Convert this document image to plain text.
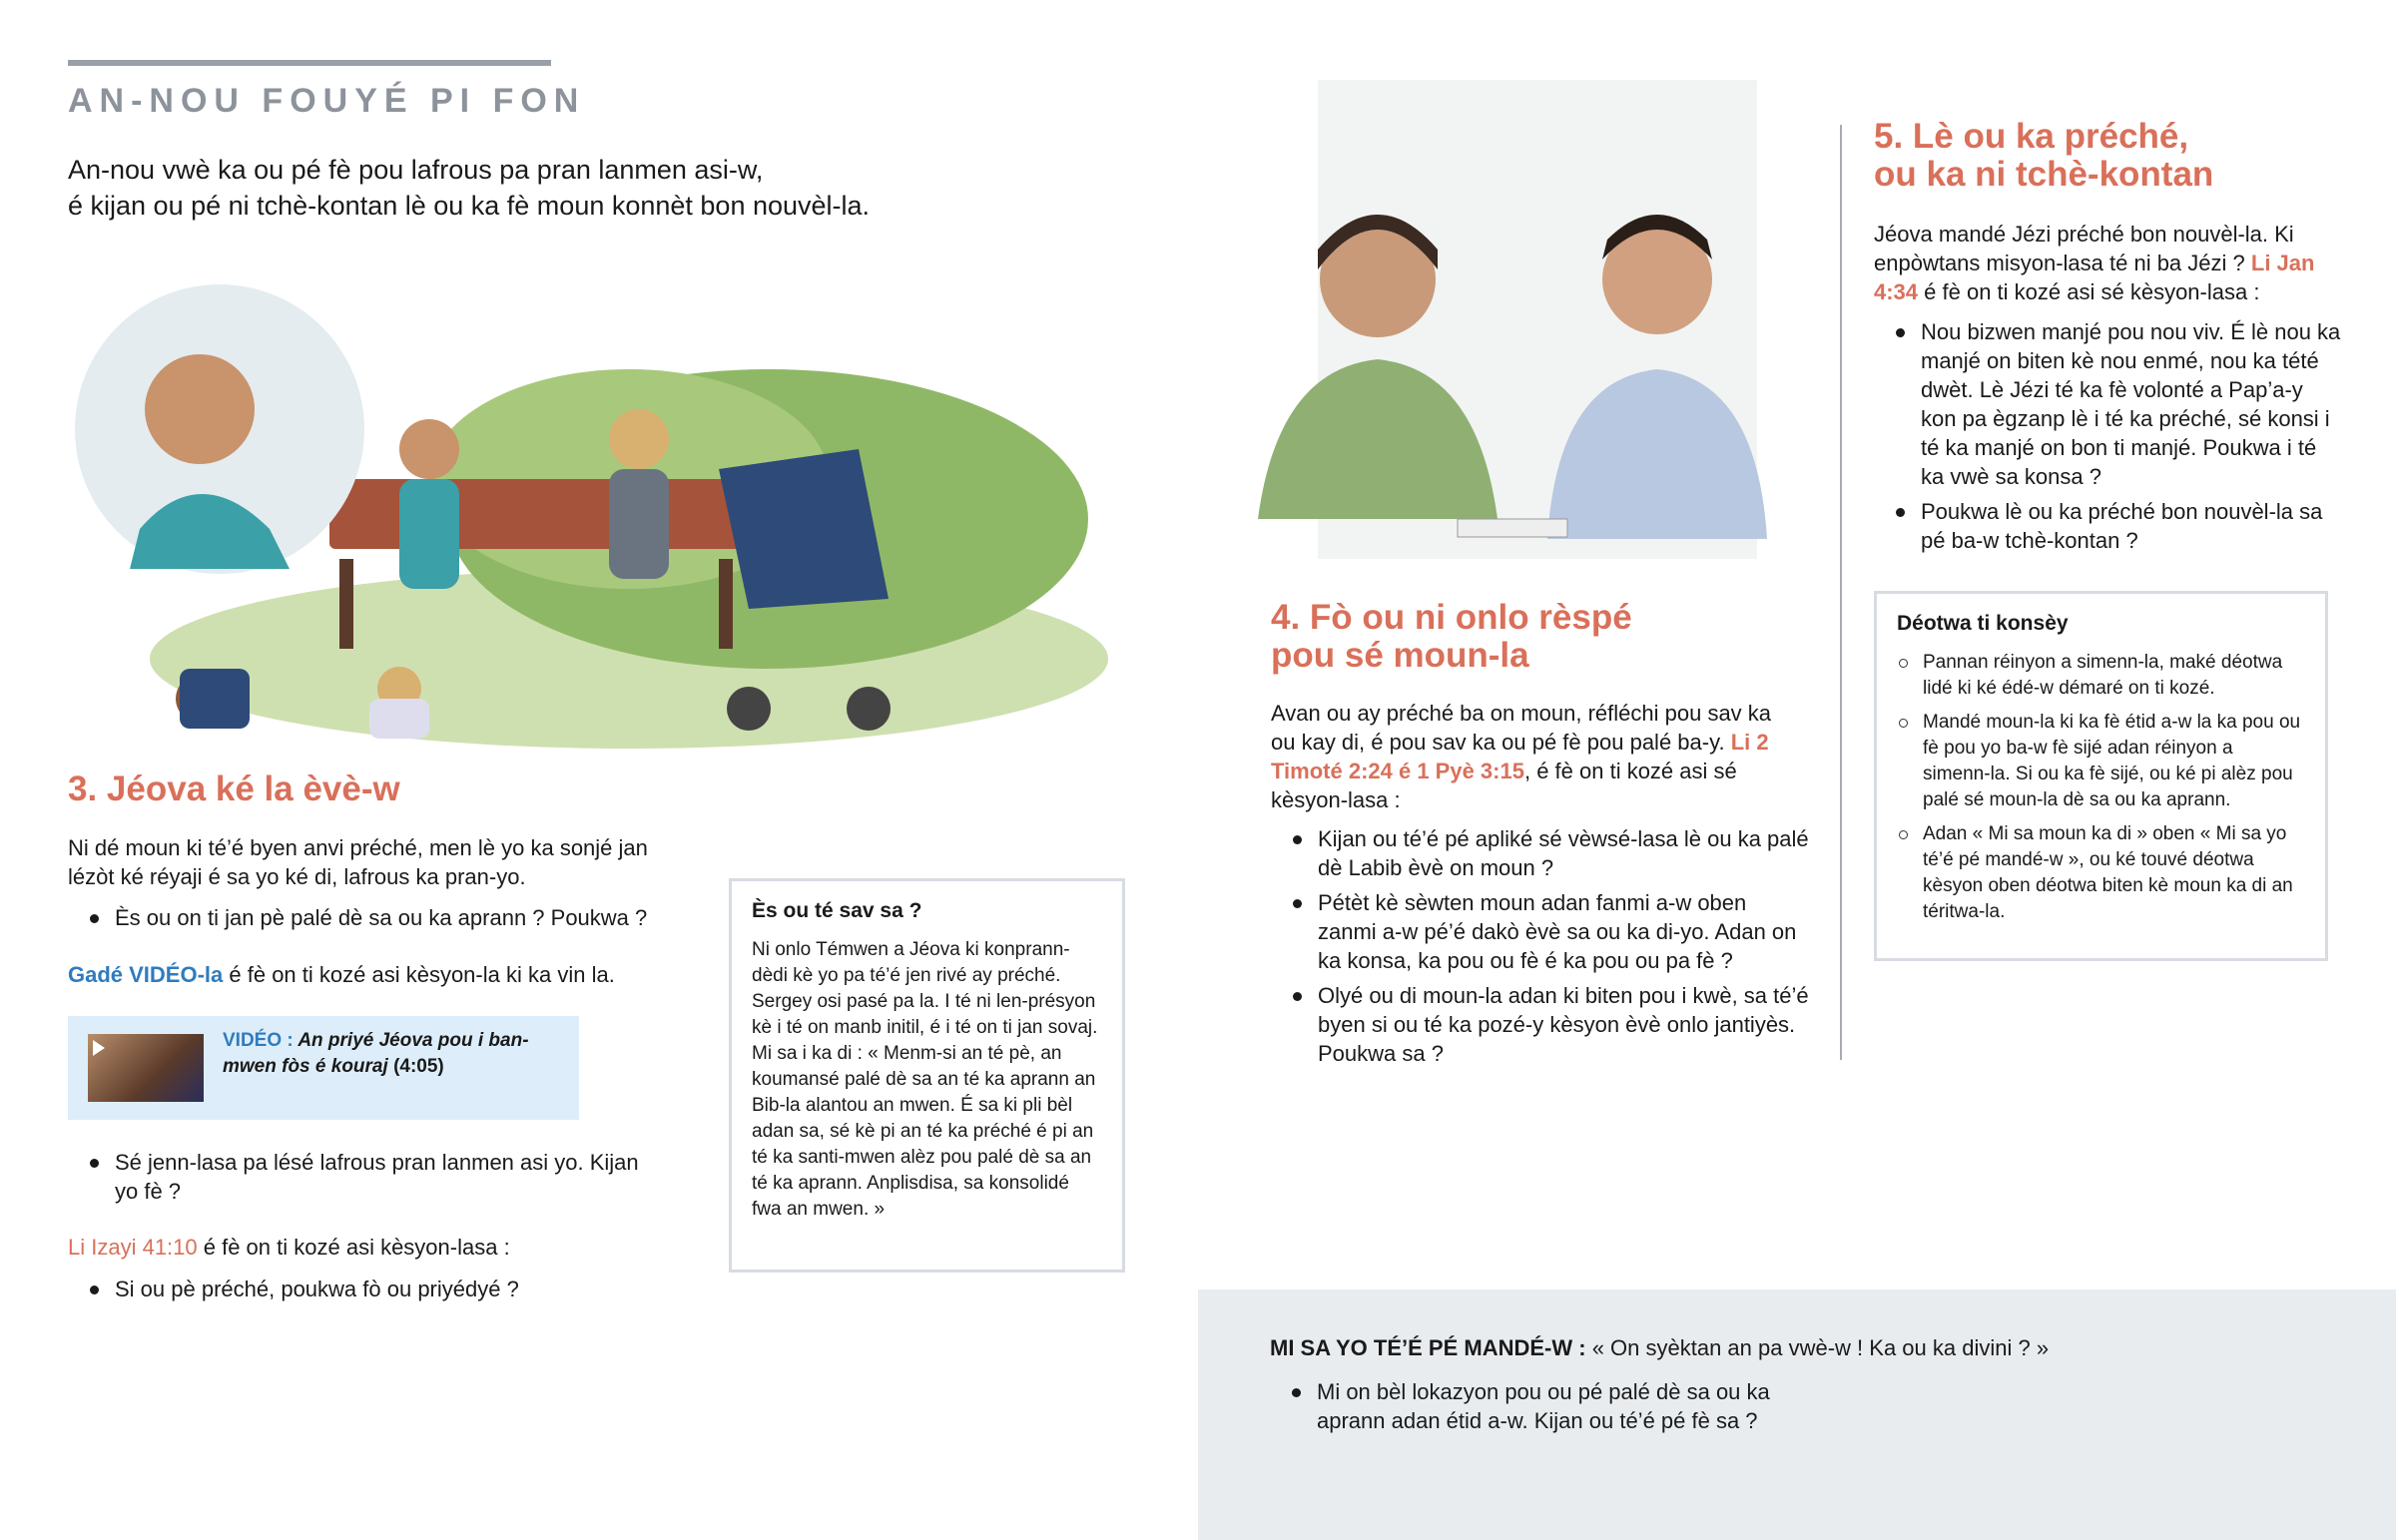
AN-NOU FOUYÉ PI FON
An-nou vwè ka ou pé fè pou lafrous pa pran lanmen asi-w,
é kijan ou pé ni tchè-kontan lè ou ka fè moun konnèt bon nouvèl-la.
3. Jéova ké la èvè-w
Ni dé moun ki té’é byen anvi préché, men lè yo ka sonjé jan lézòt ké réyaji é sa yo ké di, lafrous ka pran-yo.
Ès ou on ti jan pè palé dè sa ou ka aprann ? Poukwa ?
Gadé VIDÉO-la é fè on ti kozé asi kèsyon-la ki ka vin la.
VIDÉO : An priyé Jéova pou i ban-mwen fòs é kouraj (4:05)
Sé jenn-lasa pa lésé lafrous pran lanmen asi yo. Kijan yo fè ?
Li Izayi 41:10 é fè on ti kozé asi kèsyon-lasa :
Si ou pè préché, poukwa fò ou priyédyé ?
Ès ou té sav sa ?
Ni onlo Témwen a Jéova ki konprann-dèdi kè yo pa té’é jen rivé ay préché. Sergey osi pasé pa la. I té ni len-présyon kè i té on manb initil, é i té on ti jan sovaj. Mi sa i ka di : « Menm-si an té pè, an koumansé palé dè sa an té ka aprann an Bib-la alantou an mwen. É sa ki pli bèl adan sa, sé kè pi an té ka préché é pi an té ka santi-mwen alèz pou palé dè sa an té ka aprann. Anplisdisa, sa konsolidé fwa an mwen. »
4. Fò ou ni onlo rèspé
pou sé moun-la
Avan ou ay préché ba on moun, réfléchi pou sav ka ou kay di, é pou sav ka ou pé fè pou palé ba-y. Li 2 Timoté 2:24 é 1 Pyè 3:15, é fè on ti kozé asi sé kèsyon-lasa :
Kijan ou té’é pé apliké sé vèwsé-lasa lè ou ka palé dè Labib èvè on moun ?
Pétèt kè sèwten moun adan fanmi a-w oben zanmi a-w pé’é dakò èvè sa ou ka di-yo. Adan on ka konsa, ka pou ou fè é ka pou ou pa fè ?
Olyé ou di moun-la adan ki biten pou i kwè, sa té’é byen si ou té ka pozé-y kèsyon èvè onlo jantiyès. Poukwa sa ?
5. Lè ou ka préché,
ou ka ni tchè-kontan
Jéova mandé Jézi préché bon nouvèl-la. Ki enpòwtans misyon-lasa té ni ba Jézi ? Li Jan 4:34 é fè on ti kozé asi sé kèsyon-lasa :
Nou bizwen manjé pou nou viv. É lè nou ka manjé on biten kè nou enmé, nou ka tété dwèt. Lè Jézi té ka fè volonté a Pap’a-y kon pa ègzanp lè i té ka préché, sé konsi i té ka manjé on bon ti manjé. Poukwa i té ka vwè sa konsa ?
Poukwa lè ou ka préché bon nouvèl-la sa pé ba-w tchè-kontan ?
Déotwa ti konsèy
Pannan réinyon a simenn-la, maké déotwa lidé ki ké édé-w démaré on ti kozé.
Mandé moun-la ki ka fè étid a-w la ka pou ou fè pou yo ba-w fè sijé adan réinyon a simenn-la. Si ou ka fè sijé, ou ké pi alèz pou palé sé moun-la dè sa ou ka aprann.
Adan « Mi sa moun ka di » oben « Mi sa yo té’é pé mandé-w », ou ké touvé déotwa kèsyon oben déotwa biten kè moun ka di an téritwa-la.
MI SA YO TÉ’É PÉ MANDÉ-W : « On syèktan an pa vwè-w ! Ka ou ka divini ? »
Mi on bèl lokazyon pou ou pé palé dè sa ou ka aprann adan étid a-w. Kijan ou té’é pé fè sa ?
